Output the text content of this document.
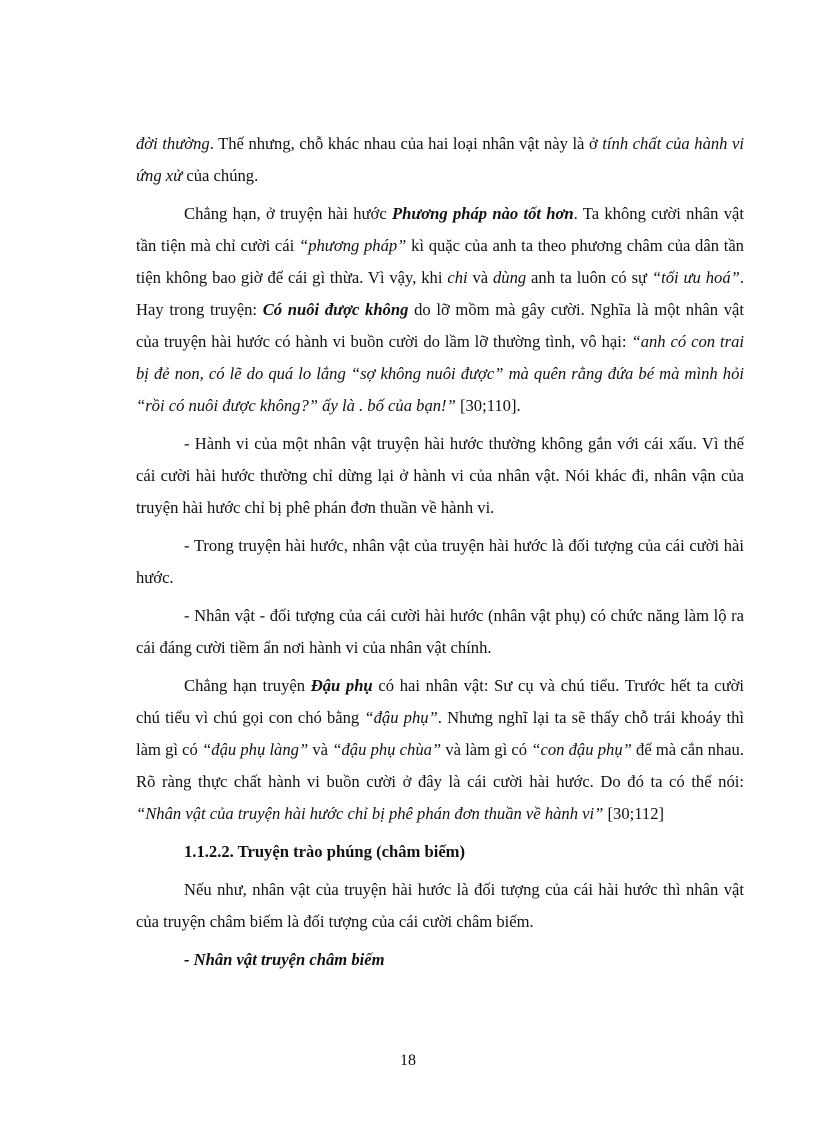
đời thường. Thế nhưng, chỗ khác nhau của hai loại nhân vật này là ở tính chất của hành vi ứng xử của chúng.

Chẳng hạn, ở truyện hài hước Phương pháp nào tốt hơn. Ta không cười nhân vật tần tiện mà chỉ cười cái “phương pháp” kì quặc của anh ta theo phương châm của dân tần tiện không bao giờ để cái gì thừa. Vì vậy, khi chi và dùng anh ta luôn có sự “tối ưu hoá”. Hay trong truyện: Có nuôi được không do lỡ mồm mà gây cười. Nghĩa là một nhân vật của truyện hài hước có hành vi buồn cười do lầm lỡ thường tình, vô hại: “anh có con trai bị đẻ non, có lẽ do quá lo lắng “sợ không nuôi được” mà quên rằng đứa bé mà mình hỏi “rồi có nuôi được không?” ấy là . bố của bạn!” [30;110].

- Hành vi của một nhân vật truyện hài hước thường không gắn với cái xấu. Vì thế cái cười hài hước thường chỉ dừng lại ở hành vi của nhân vật. Nói khác đi, nhân vận của truyện hài hước chỉ bị phê phán đơn thuần về hành vi.

- Trong truyện hài hước, nhân vật của truyện hài hước là đối tượng của cái cười hài hước.

- Nhân vật - đối tượng của cái cười hài hước (nhân vật phụ) có chức năng làm lộ ra cái đáng cười tiềm ẩn nơi hành vi của nhân vật chính.

Chẳng hạn truyện Đậu phụ có hai nhân vật: Sư cụ và chú tiểu. Trước hết ta cười chú tiểu vì chú gọi con chó bằng “đậu phụ”. Nhưng nghĩ lại ta sẽ thấy chỗ trái khoáy thì làm gì có “đậu phụ làng” và “đậu phụ chùa” và làm gì có “con đậu phụ” để mà cắn nhau. Rõ ràng thực chất hành vi buồn cười ở đây là cái cười hài hước. Do đó ta có thể nói: “Nhân vật của truyện hài hước chỉ bị phê phán đơn thuần về hành vi” [30;112]

1.1.2.2. Truyện trào phúng (châm biếm)

Nếu như, nhân vật của truyện hài hước là đối tượng của cái hài hước thì nhân vật của truyện châm biếm là đối tượng của cái cười châm biếm.

- Nhân vật truyện châm biếm

18
